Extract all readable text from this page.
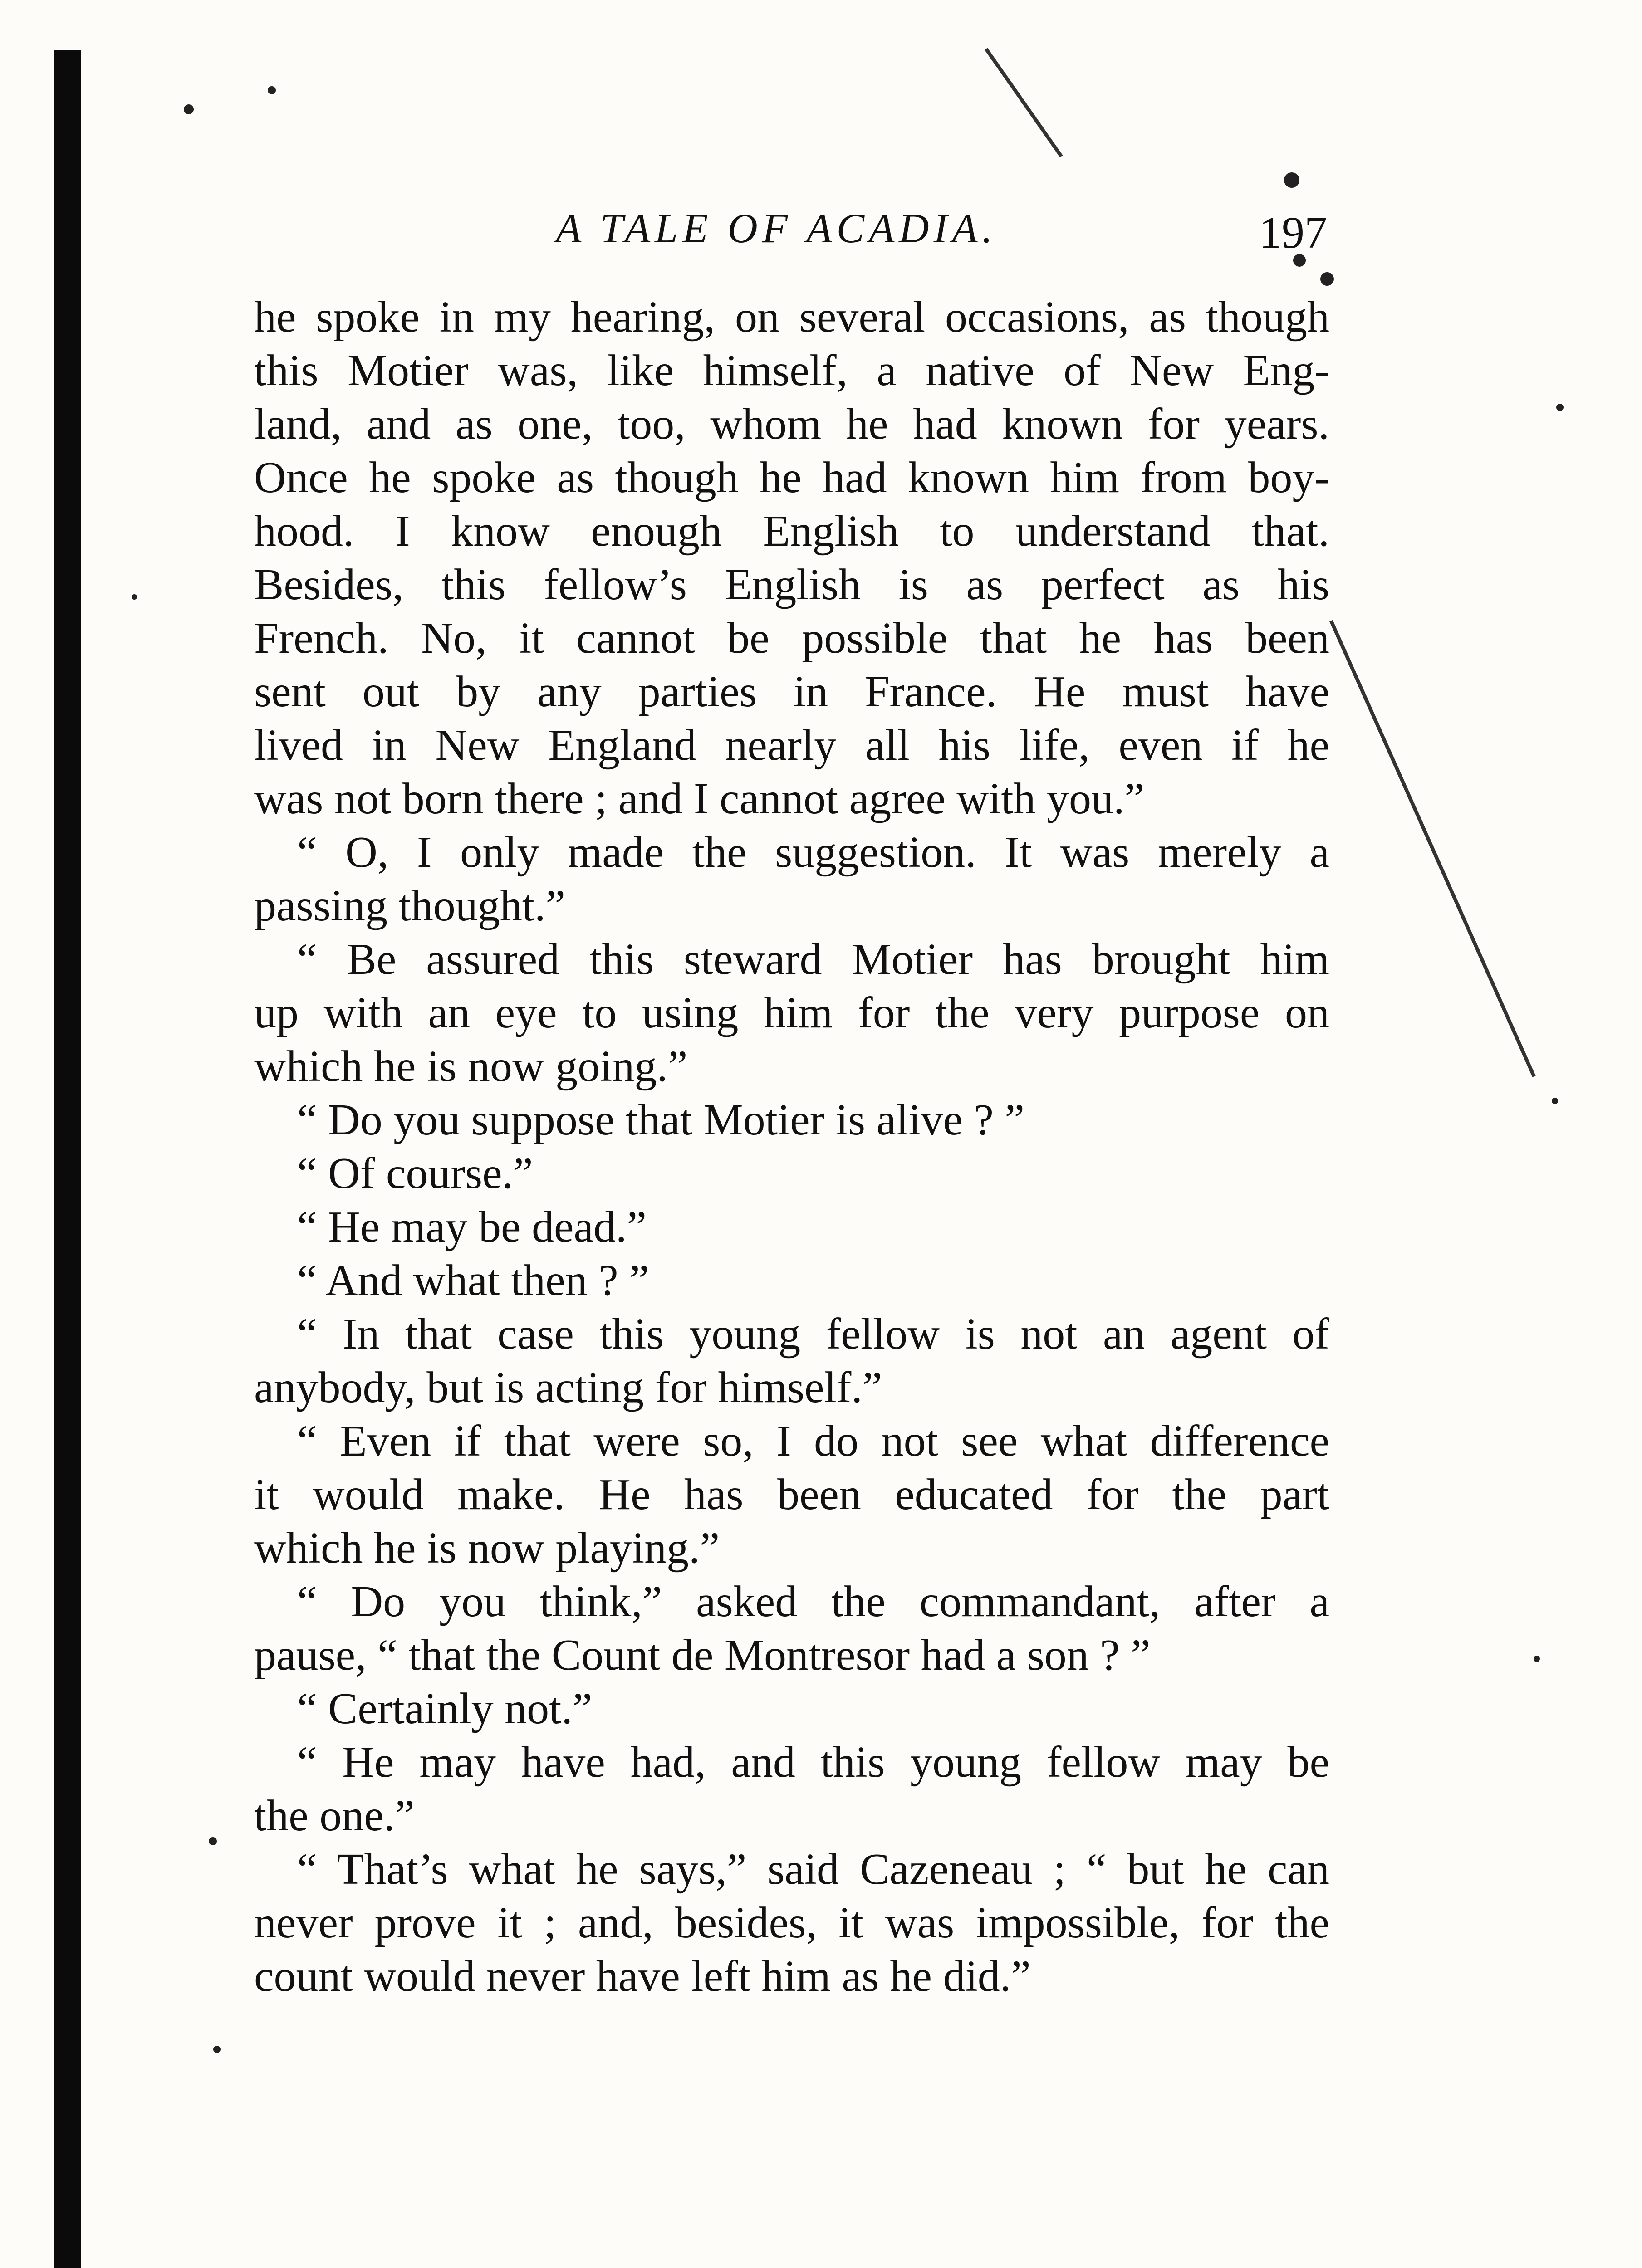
A TALE OF ACADIA.	197
he spoke in my hearing, on several occasions, as though
this Motier was, like himself, a native of New Eng-
land, and as one, too, whom he had known for years.
Once he spoke as though he had known him from boy-
hood. I know enough English to understand that.
Besides, this fellow’s English is as perfect as his
French. No, it cannot be possible that he has been
sent out by any parties in France. He must have
lived in New England nearly all his life, even if he
was not born there ; and I cannot agree with you.”
“ O, I only made the suggestion. It was merely a
passing thought.”
“ Be assured this steward Motier has brought him
up with an eye to using him for the very purpose on
which he is now going.”
“ Do you suppose that Motier is alive ? ”
“ Of course.”
“ He may be dead.”
“ And what then ? ”
“ In that case this young fellow is not an agent of
anybody, but is acting for himself.”
“ Even if that were so, I do not see what difference
it would make. He has been educated for the part
which he is now playing.”
“ Do you think,” asked the commandant, after a
pause, “ that the Count de Montresor had a son ? ”
“ Certainly not.”
“ He may have had, and this young fellow may be
the one.”
“ That’s what he says,” said Cazeneau ; “ but he can
never prove it ; and, besides, it was impossible, for the
count would never have left him as he did.”
